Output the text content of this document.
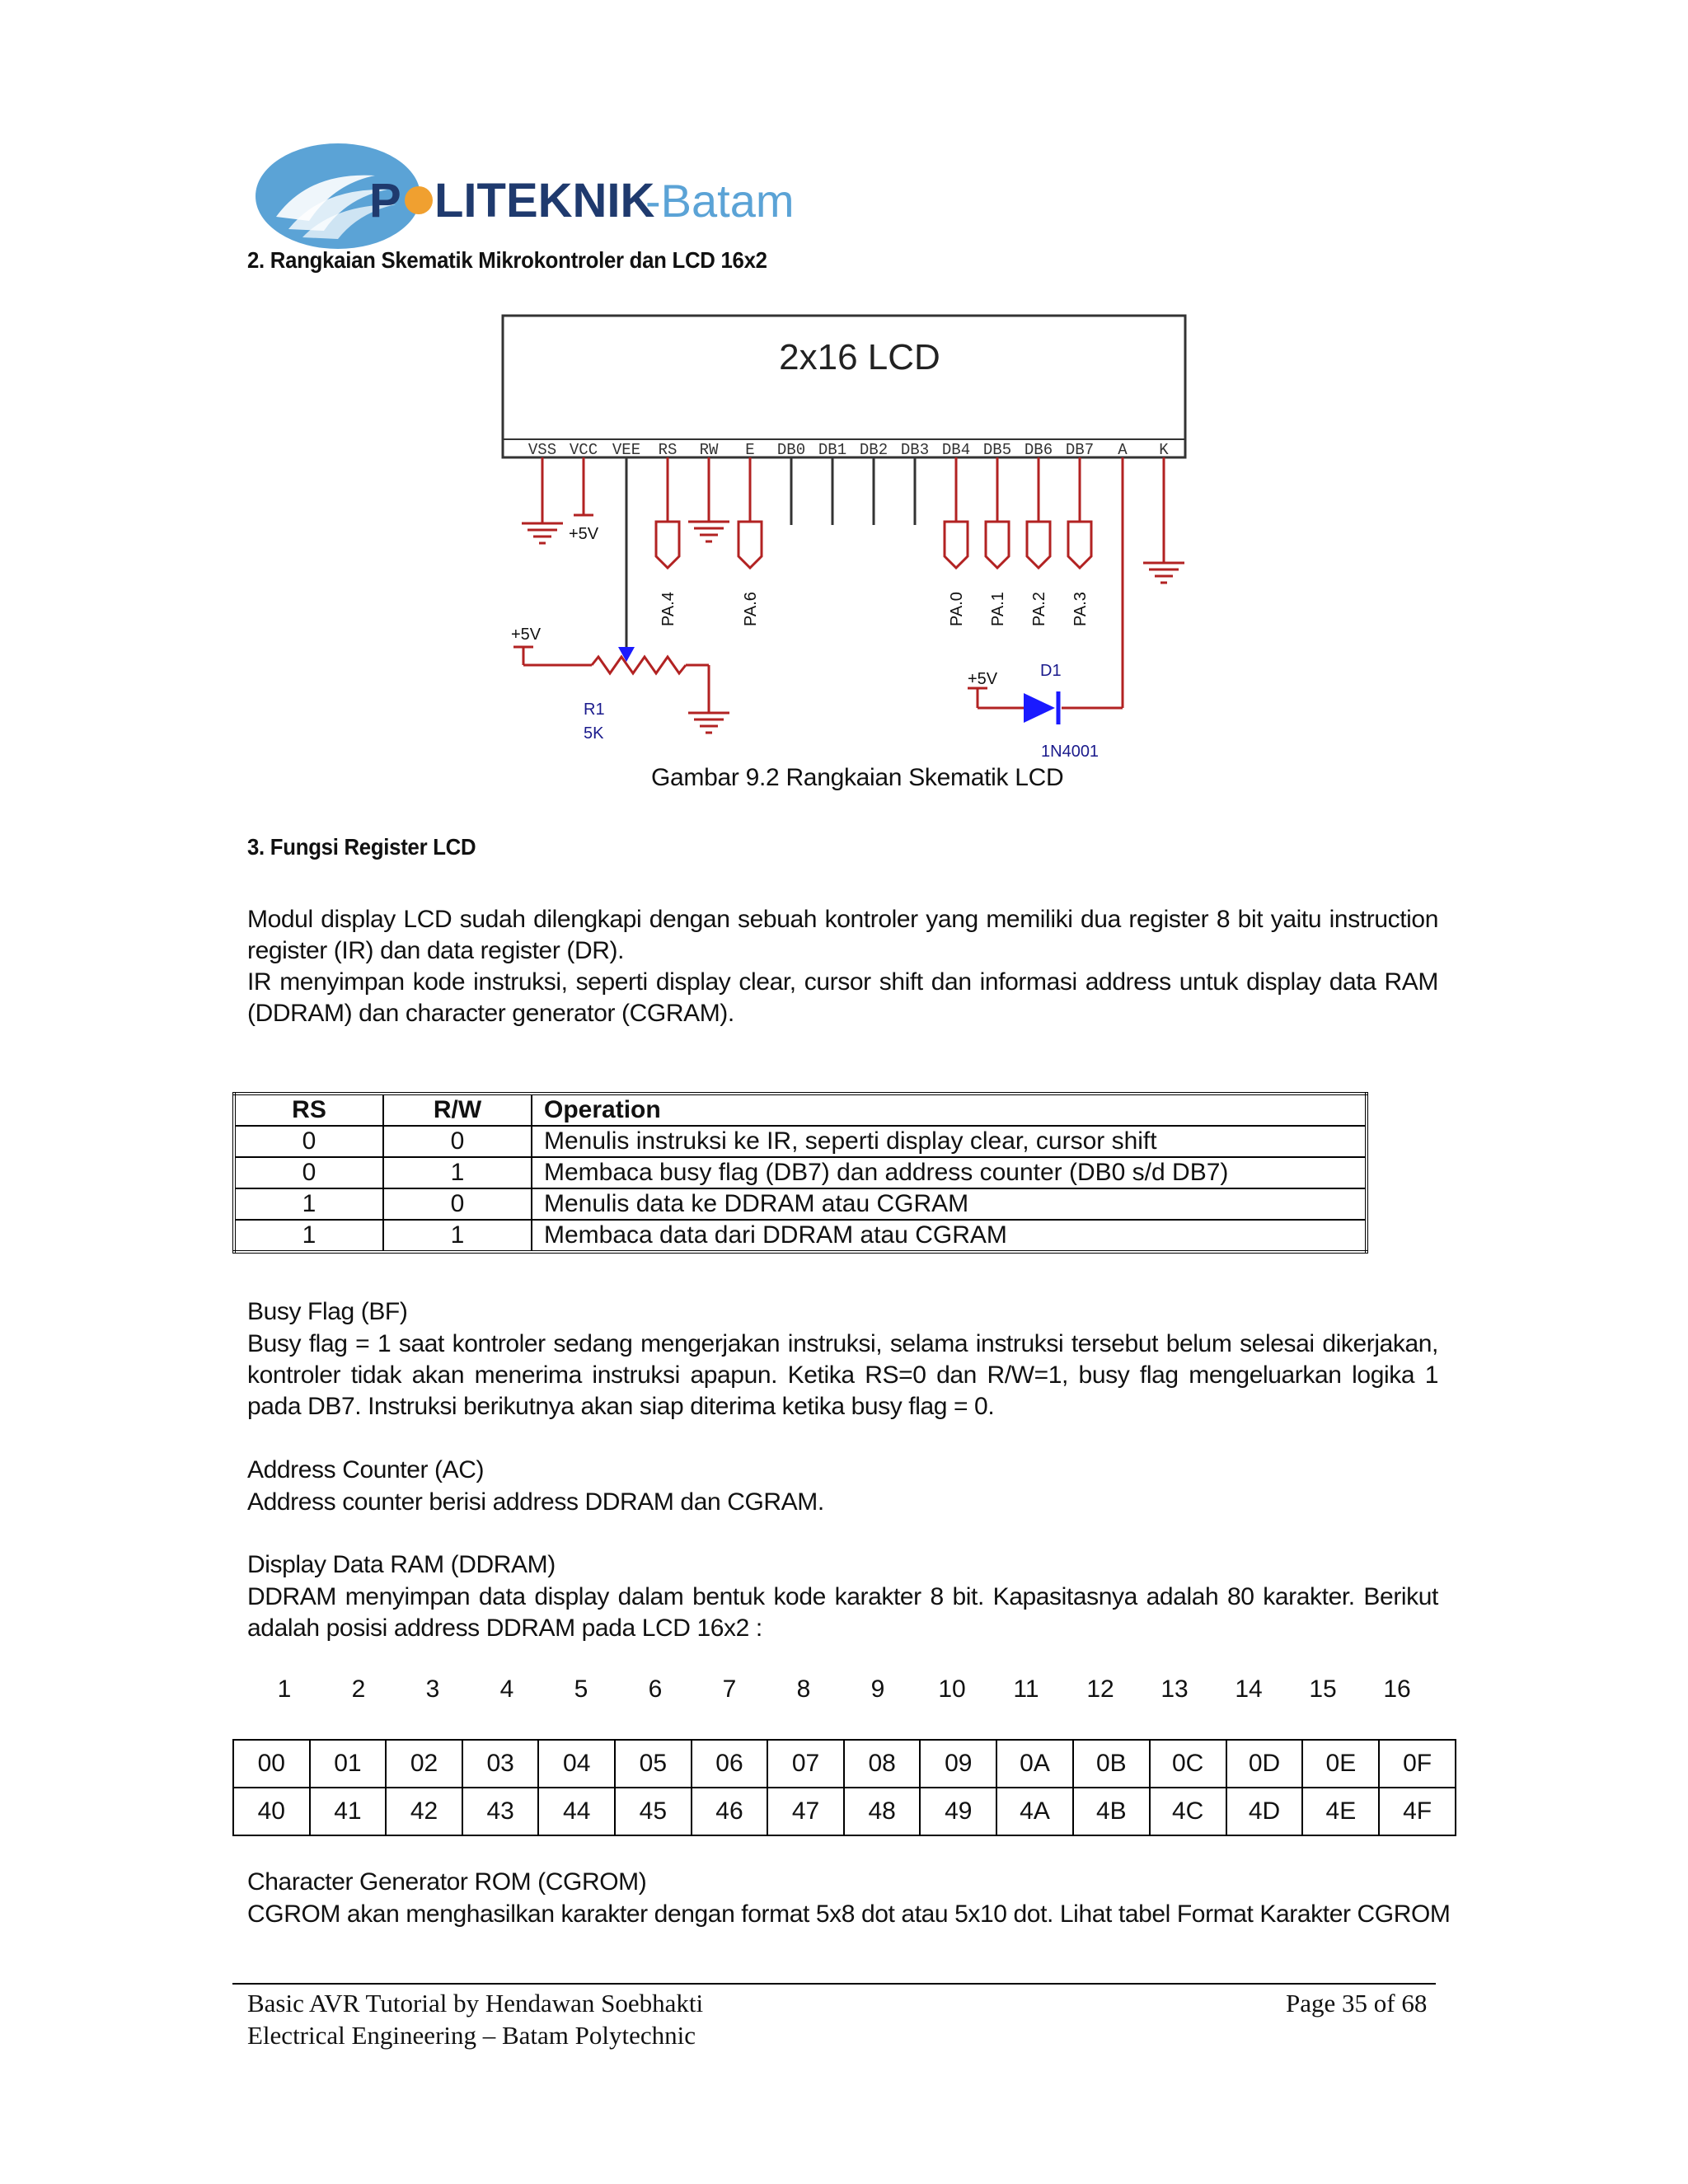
P LITEKNIK
-Batam
2. Rangkaian Skematik Mikrokontroler dan LCD 16x2
2x16 LCD
VSS VCC VEE RS RW E DB0 DB1 DB2 DB3 DB4 DB5 DB6 DB7 A K
+5V
+5V
+5V
R1
5K
D1
1N4001
PA.4	PA.6	PA.0 PA.1 PA.2 PA.3
Gambar 9.2 Rangkaian Skematik LCD
3. Fungsi Register LCD
Modul display LCD sudah dilengkapi dengan sebuah kontroler yang memiliki dua register 8 bit yaitu instruction register (IR) dan data register (DR).
IR menyimpan kode instruksi, seperti display clear, cursor shift dan informasi address untuk display data RAM (DDRAM) dan character generator (CGRAM).
RS	R/W	Operation
0	0	Menulis instruksi ke IR, seperti display clear, cursor shift
0	1	Membaca busy flag (DB7) dan address counter (DB0 s/d DB7)
1	0	Menulis data ke DDRAM atau CGRAM
1	1	Membaca data dari DDRAM atau CGRAM
Busy Flag (BF)
Busy flag = 1 saat kontroler sedang mengerjakan instruksi, selama instruksi tersebut belum selesai dikerjakan, kontroler tidak akan menerima instruksi apapun. Ketika RS=0 dan R/W=1, busy flag mengeluarkan logika 1 pada DB7. Instruksi berikutnya akan siap diterima ketika busy flag = 0.
Address Counter (AC)
Address counter berisi address DDRAM dan CGRAM.
Display Data RAM (DDRAM)
DDRAM menyimpan data display dalam bentuk kode karakter 8 bit. Kapasitasnya adalah 80 karakter. Berikut adalah posisi address DDRAM pada LCD 16x2 :
1	2	3	4	5	6	7	8	9	10	11	12	13	14	15	16
00	01	02	03	04	05	06	07	08	09	0A	0B	0C	0D	0E	0F
40	41	42	43	44	45	46	47	48	49	4A	4B	4C	4D	4E	4F
Character Generator ROM (CGROM)
CGROM akan menghasilkan karakter dengan format 5x8 dot atau 5x10 dot. Lihat tabel Format Karakter CGROM
Basic AVR Tutorial by Hendawan Soebhakti
Electrical Engineering – Batam Polytechnic
Page 35 of 68
